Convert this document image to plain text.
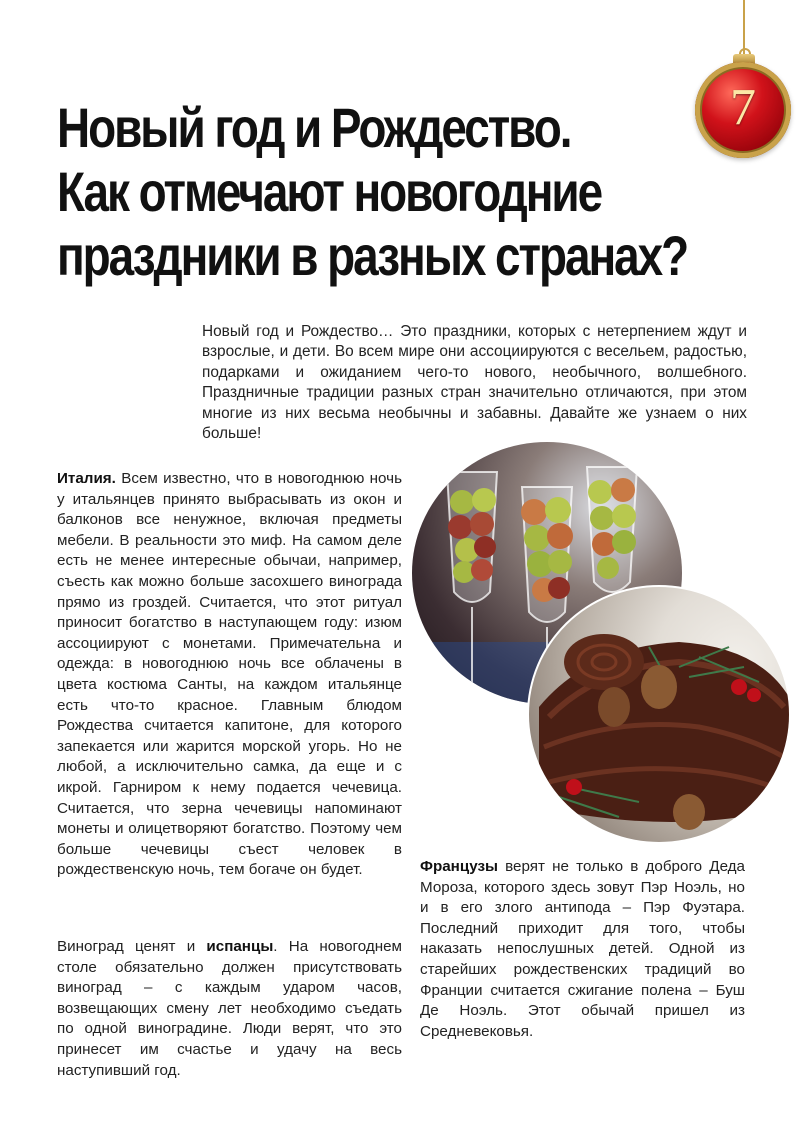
7
Новый год и Рождество.
Как отмечают новогодние
праздники в разных странах?

Новый год и Рождество… Это праздники, которых с нетерпением ждут и взрослые, и дети. Во всем мире они ассоциируются с весельем, радостью, подарками и ожиданием чего-то нового, необычного, волшебного. Праздничные традиции разных стран значительно отличаются, при этом многие из них весьма необычны и забавны. Давайте же узнаем о них больше!

Италия. Всем известно, что в новогоднюю ночь у итальянцев принято выбрасывать из окон и балконов все ненужное, включая предметы мебели. В реальности это миф. На самом деле есть не менее интересные обычаи, например, съесть как можно больше засохшего винограда прямо из гроздей. Считается, что этот ритуал приносит богатство в наступающем году: изюм ассоциируют с монетами. Примечательна и одежда: в новогоднюю ночь все облачены в цвета костюма Санты, на каждом итальянце есть что-то красное. Главным блюдом Рождества считается капитоне, для которого запекается или жарится морской угорь. Но не любой, а исключительно самка, да еще и с икрой. Гарниром к нему подается чечевица. Считается, что зерна чечевицы напоминают монеты и олицетворяют богатство. Поэтому чем больше чечевицы съест человек в рождественскую ночь, тем богаче он будет.

Виноград ценят и испанцы. На новогоднем столе обязательно должен присутствовать виноград – с каждым ударом часов, возвещающих смену лет необходимо съедать по одной виноградине. Люди верят, что это принесет им счастье и удачу на весь наступивший год.

Французы верят не только в доброго Деда Мороза, которого здесь зовут Пэр Ноэль, но и в его злого антипода – Пэр Фуэтара. Последний приходит для того, чтобы наказать непослушных детей. Одной из старейших рождественских традиций во Франции считается сжигание полена – Буш Де Ноэль. Этот обычай пришел из Средневековья.
